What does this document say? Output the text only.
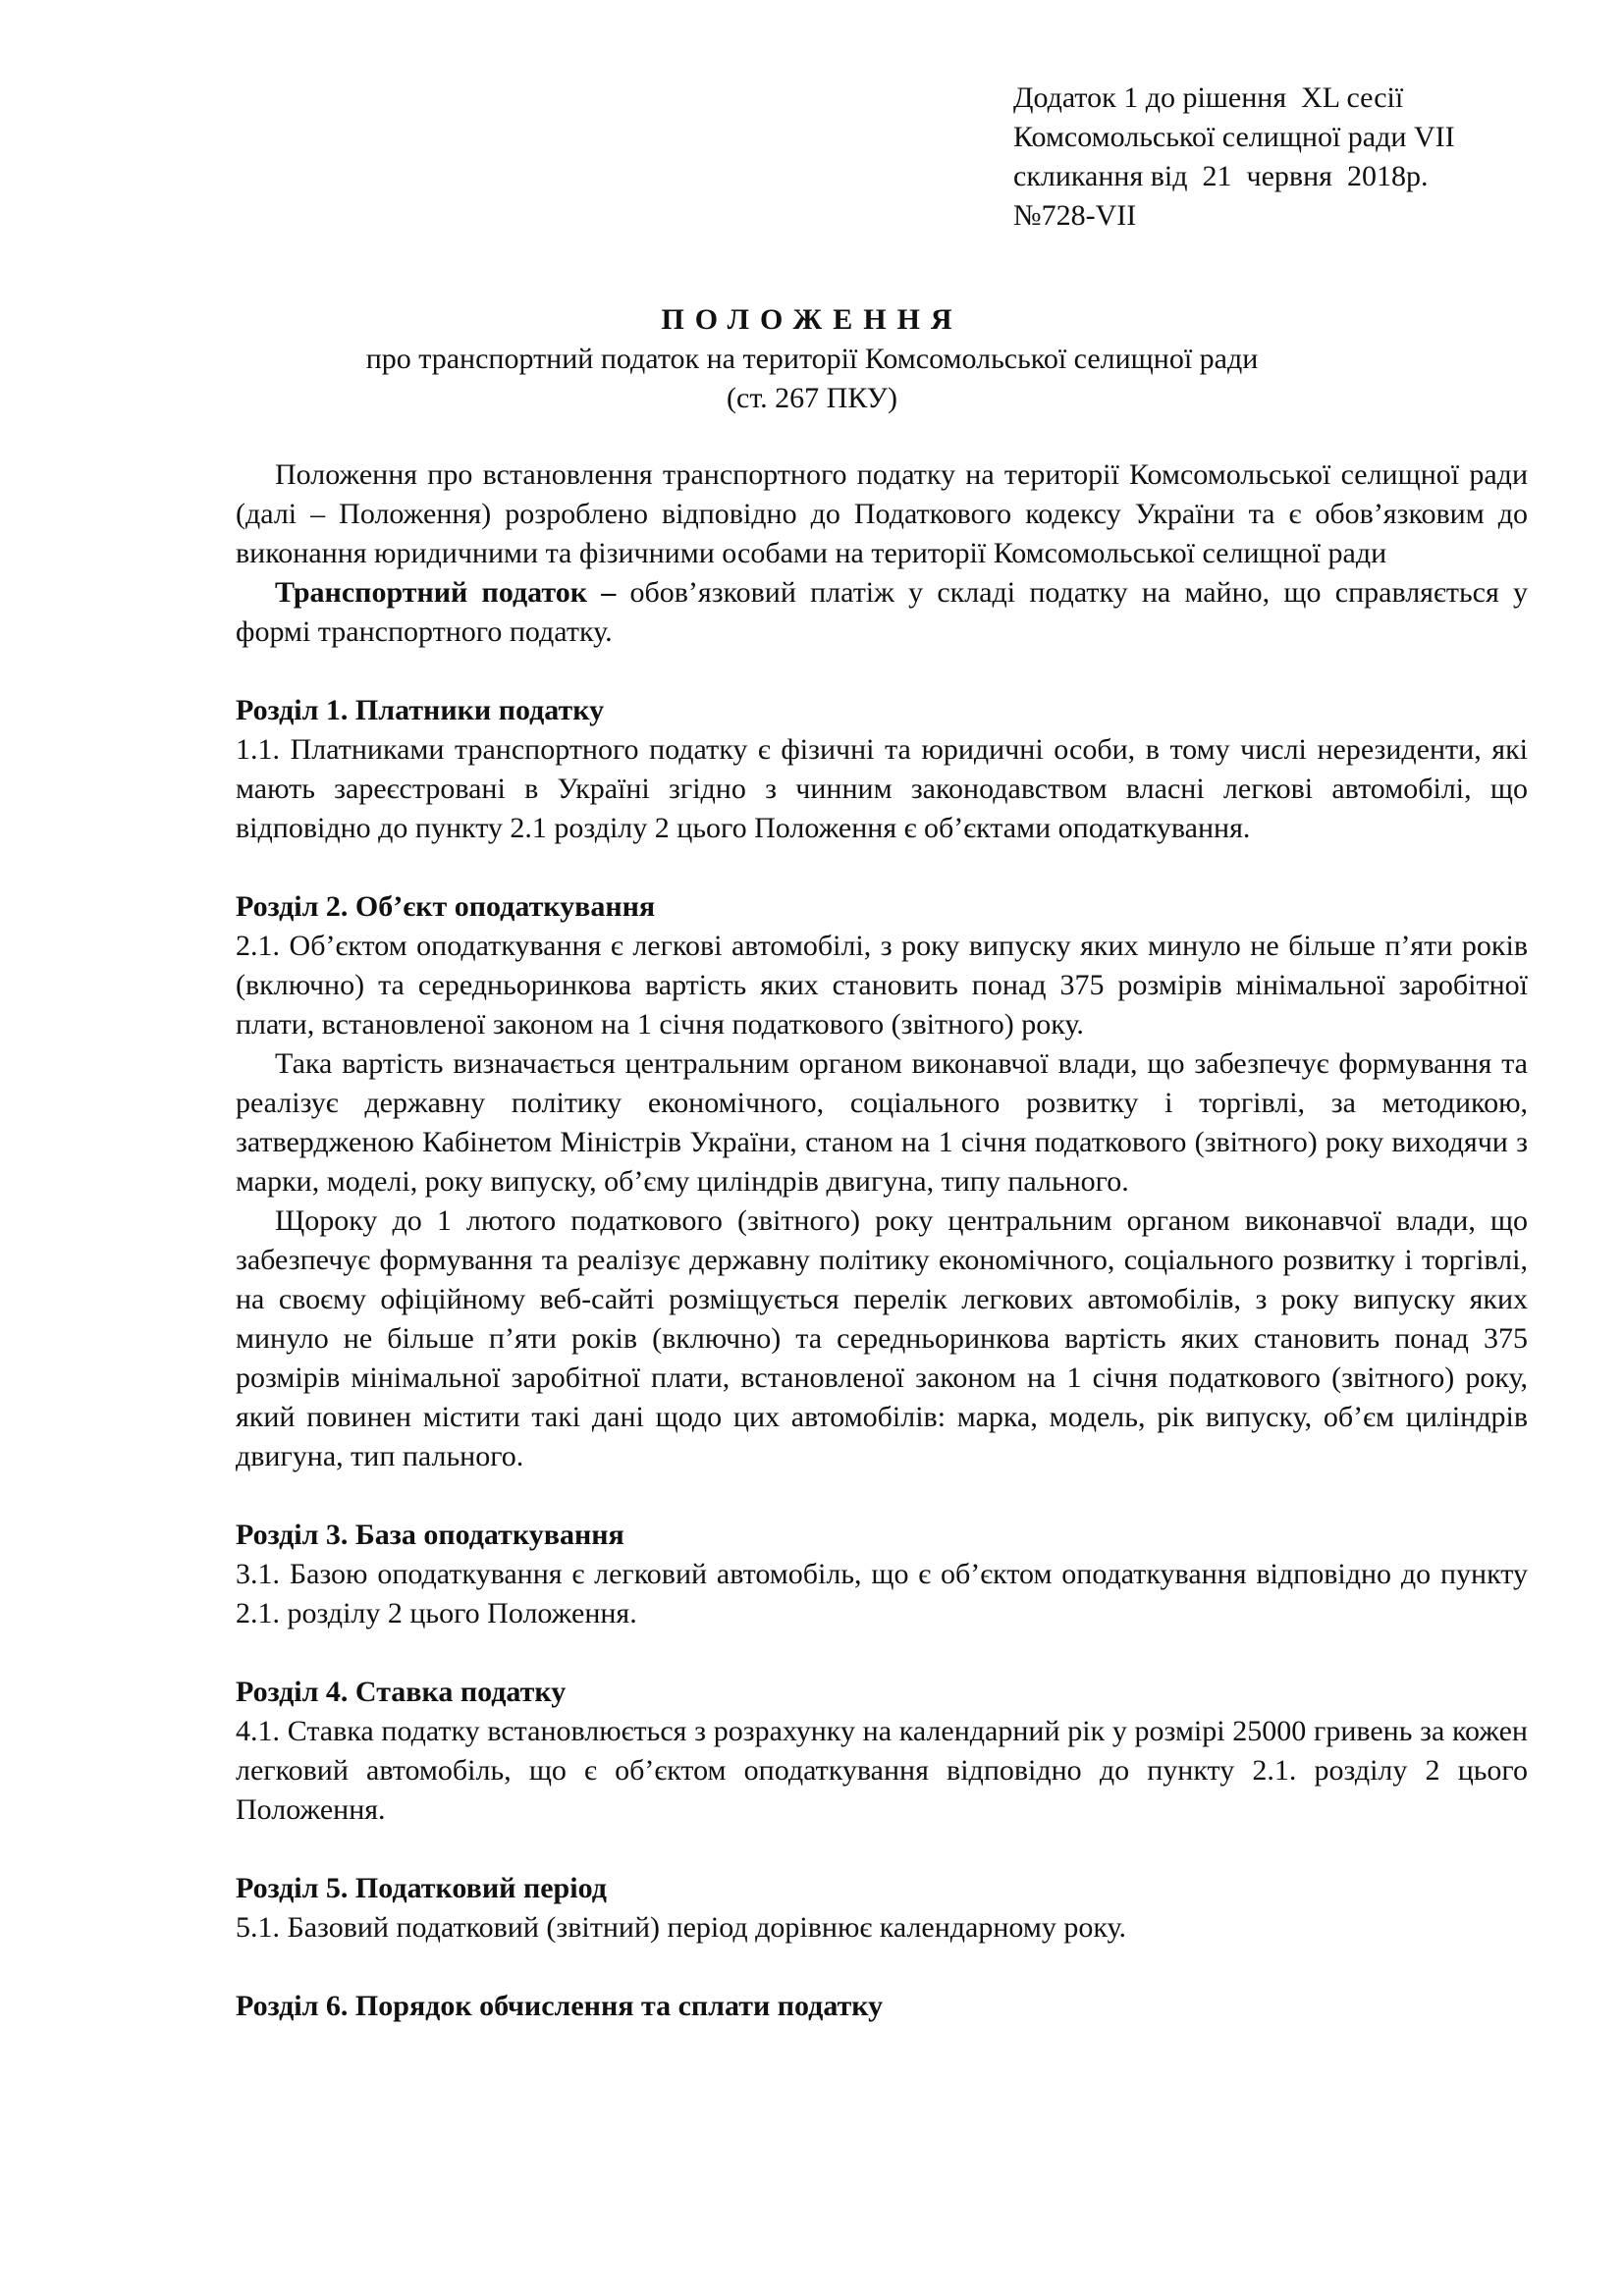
Додаток 1 до рішення  XL сесії
Комсомольської селищної ради VII
скликання від  21  червня  2018р.
№728-VII
ПОЛОЖЕННЯ
про транспортний податок на території Комсомольської селищної ради
(ст. 267 ПКУ)

Положення про встановлення транспортного податку на території Комсомольської селищної ради (далі – Положення) розроблено відповідно до Податкового кодексу України та є обов’язковим до виконання юридичними та фізичними особами на території Комсомольської селищної ради

Транспортний податок – обов’язковий платіж у складі податку на майно, що справляється у формі транспортного податку.

Розділ 1. Платники податку

1.1. Платниками транспортного податку є фізичні та юридичні особи, в тому числі нерезиденти, які мають зареєстровані в Україні згідно з чинним законодавством власні легкові автомобілі, що відповідно до пункту 2.1 розділу 2 цього Положення є об’єктами оподаткування.

Розділ 2. Об’єкт оподаткування

2.1. Об’єктом оподаткування є легкові автомобілі, з року випуску яких минуло не більше п’яти років (включно) та середньоринкова вартість яких становить понад 375 розмірів мінімальної заробітної плати, встановленої законом на 1 січня податкового (звітного) року.

Така вартість визначається центральним органом виконавчої влади, що забезпечує формування та реалізує державну політику економічного, соціального розвитку і торгівлі, за методикою, затвердженою Кабінетом Міністрів України, станом на 1 січня податкового (звітного) року виходячи з марки, моделі, року випуску, об’єму циліндрів двигуна, типу пального.

Щороку до 1 лютого податкового (звітного) року центральним органом виконавчої влади, що забезпечує формування та реалізує державну політику економічного, соціального розвитку і торгівлі, на своєму офіційному веб-сайті розміщується перелік легкових автомобілів, з року випуску яких минуло не більше п’яти років (включно) та середньоринкова вартість яких становить понад 375 розмірів мінімальної заробітної плати, встановленої законом на 1 січня податкового (звітного) року, який повинен містити такі дані щодо цих автомобілів: марка, модель, рік випуску, об’єм циліндрів двигуна, тип пального.

Розділ 3. База оподаткування

3.1. Базою оподаткування є легковий автомобіль, що є об’єктом оподаткування відповідно до пункту 2.1. розділу 2 цього Положення.

Розділ 4. Ставка податку

4.1. Ставка податку встановлюється з розрахунку на календарний рік у розмірі 25000 гривень за кожен легковий автомобіль, що є об’єктом оподаткування відповідно до пункту 2.1. розділу 2 цього Положення.

Розділ 5. Податковий період

5.1. Базовий податковий (звітний) період дорівнює календарному року.

Розділ 6. Порядок обчислення та сплати податку
